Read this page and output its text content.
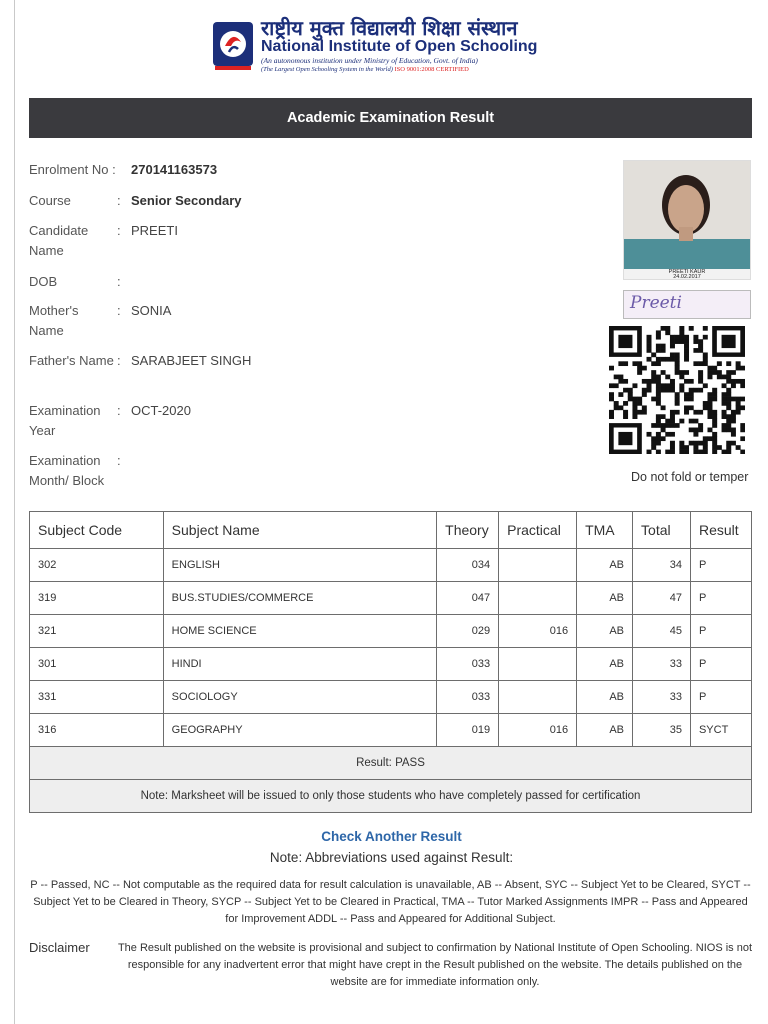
राष्ट्रीय मुक्त विद्यालयी शिक्षा संस्थान
National Institute of Open Schooling
(An autonomous institution under Ministry of Education, Govt. of India)
(The Largest Open Schooling System in the World) ISO 9001:2008 CERTIFIED
Academic Examination Result
Enrolment No :	270141163573
Course	: Senior Secondary
Candidate Name
: PREETI
DOB	:
Mother's Name
: SONIA
Father's Name : SARABJEET SINGH
Examination Year
: OCT-2020
Examination Month/ Block
:
PREETI KAUR
24.02.2017
Preeti
Do not fold or temper
Subject Code	Subject Name	Theory	Practical	TMA	Total	Result
302	ENGLISH	034		AB	34	P
319	BUS.STUDIES/COMMERCE	047		AB	47	P
321	HOME SCIENCE	029	016	AB	45	P
301	HINDI	033		AB	33	P
331	SOCIOLOGY	033		AB	33	P
316	GEOGRAPHY	019	016	AB	35	SYCT
Result: PASS						
Note: Marksheet will be issued to only those students who have completely passed for certification						
Check Another Result
Note: Abbreviations used against Result:
P -- Passed, NC -- Not computable as the required data for result calculation is unavailable, AB -- Absent, SYC -- Subject Yet to be Cleared, SYCT -- Subject Yet to be Cleared in Theory, SYCP -- Subject Yet to be Cleared in Practical, TMA -- Tutor Marked Assignments IMPR -- Pass and Appeared for Improvement ADDL -- Pass and Appeared for Additional Subject.
Disclaimer	The Result published on the website is provisional and subject to confirmation by National Institute of Open Schooling. NIOS is not responsible for any inadvertent error that might have crept in the Result published on the website. The details published on the website are for immediate information only.
